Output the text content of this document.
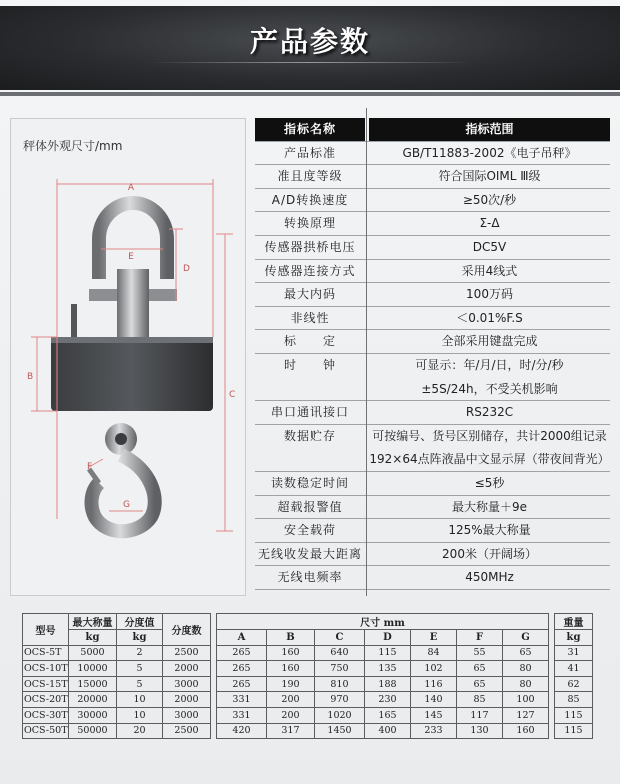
产品参数
秤体外观尺寸/mm
A
E
D
B
C
G
F
指标名称	指标范围
产品标准	GB/T11883-2002《电子吊秤》
准且度等级	符合国际OIML Ⅲ级
A/D转换速度	≥50次/秒
转换原理	Σ-Δ
传感器拱桥电压	DC5V
传感器连接方式	采用4线式
最大内码	100万码
非线性	＜0.01%F.S
标　　定	全部采用键盘完成
时　　钟	可显示：年/月/日，时/分/秒
±5S/24h，不受关机影响
串口通讯接口	RS232C
数据贮存	可按编号、货号区别储存，共计2000组记录
192×64点阵液晶中文显示屏（带夜间背光）
读数稳定时间	≤5秒
超载报警值	最大称量＋9e
安全载荷	125%最大称量
无线收发最大距离	200米（开阔场）
无线电频率	450MHz
型号	最大称量	分度值	分度数		尺寸 mm								重量
	kg	kg			A	B	C	D	E	F	G		kg
OCS-5T	5000	2	2500		265	160	640	115	84	55	65		31
OCS-10T	10000	5	2000		265	160	750	135	102	65	80		41
OCS-15T	15000	5	3000		265	190	810	188	116	65	80		62
OCS-20T	20000	10	2000		331	200	970	230	140	85	100		85
OCS-30T	30000	10	3000		331	200	1020	165	145	117	127		115
OCS-50T	50000	20	2500		420	317	1450	400	233	130	160		115
